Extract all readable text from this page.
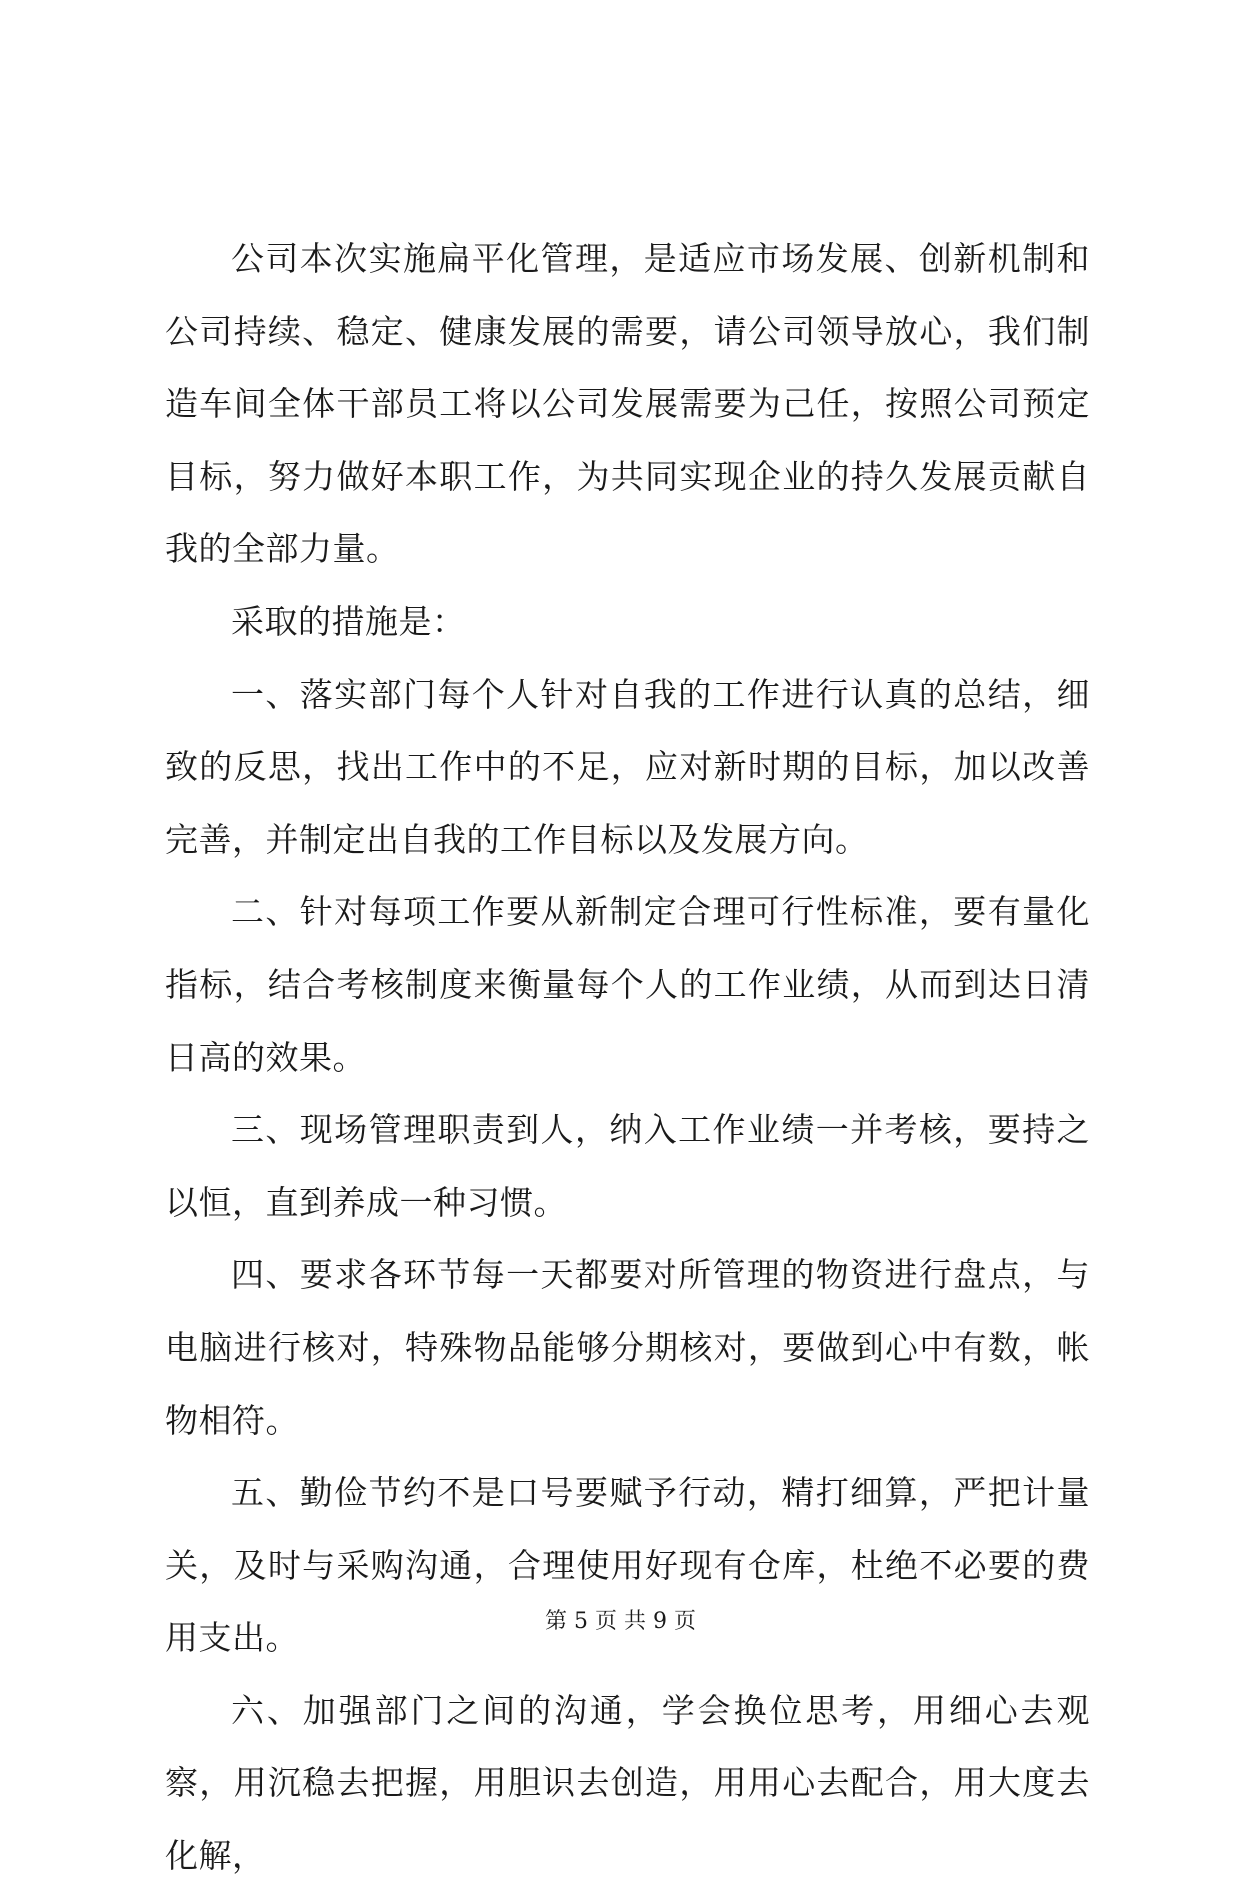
公司本次实施扁平化管理，是适应市场发展、创新机制和公司持续、稳定、健康发展的需要，请公司领导放心，我们制造车间全体干部员工将以公司发展需要为己任，按照公司预定目标，努力做好本职工作，为共同实现企业的持久发展贡献自我的全部力量。

采取的措施是：

一、落实部门每个人针对自我的工作进行认真的总结，细致的反思，找出工作中的不足，应对新时期的目标，加以改善完善，并制定出自我的工作目标以及发展方向。

二、针对每项工作要从新制定合理可行性标准，要有量化指标，结合考核制度来衡量每个人的工作业绩，从而到达日清日高的效果。

三、现场管理职责到人，纳入工作业绩一并考核，要持之以恒，直到养成一种习惯。

四、要求各环节每一天都要对所管理的物资进行盘点，与电脑进行核对，特殊物品能够分期核对，要做到心中有数，帐物相符。

五、勤俭节约不是口号要赋予行动，精打细算，严把计量关，及时与采购沟通，合理使用好现有仓库，杜绝不必要的费用支出。

六、加强部门之间的沟通，学会换位思考，用细心去观察，用沉稳去把握，用胆识去创造，用用心去配合，用大度去化解，

第 5 页 共 9 页
